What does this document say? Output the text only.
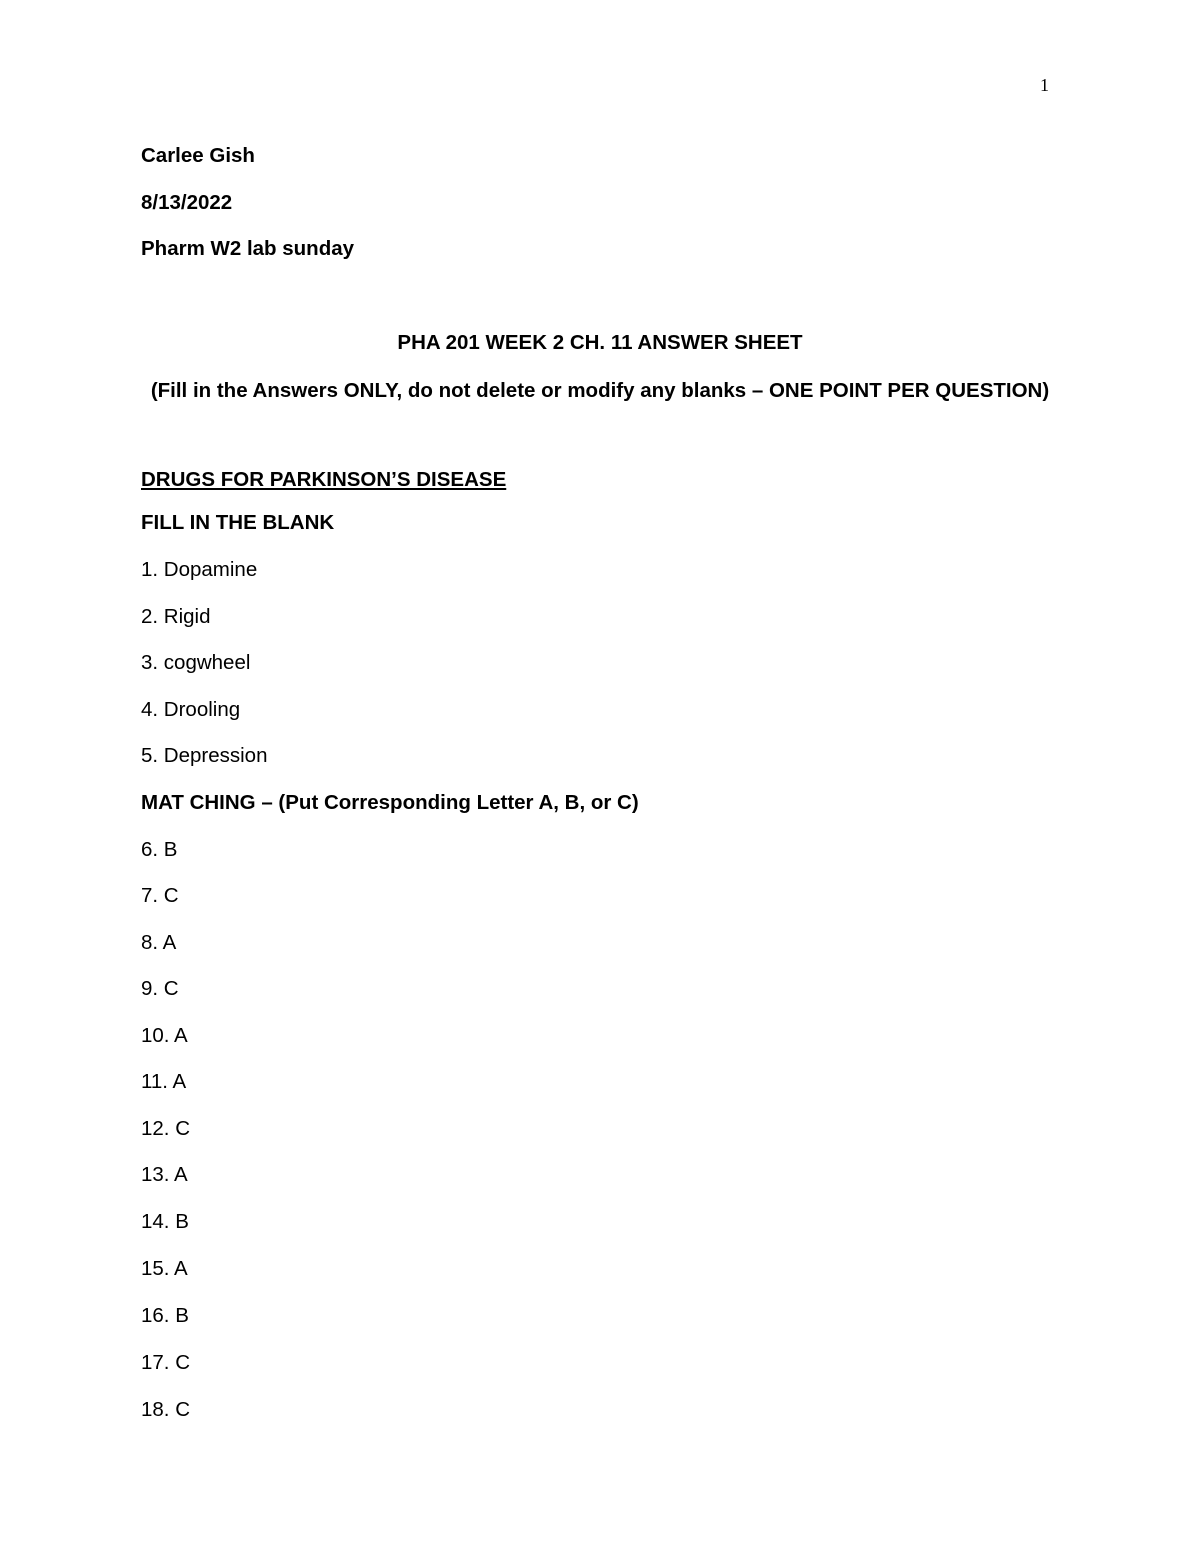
1
Carlee Gish
8/13/2022
Pharm W2 lab sunday
PHA 201 WEEK 2 CH. 11 ANSWER SHEET
(Fill in the Answers ONLY, do not delete or modify any blanks – ONE POINT PER QUESTION)
DRUGS FOR PARKINSON’S DISEASE
FILL IN THE BLANK
1. Dopamine
2. Rigid
3. cogwheel
4. Drooling
5. Depression
MAT CHING – (Put Corresponding Letter A, B, or C)
6. B
7. C
8. A
9. C
10. A
11. A
12. C
13. A
14. B
15. A
16. B
17. C
18. C
